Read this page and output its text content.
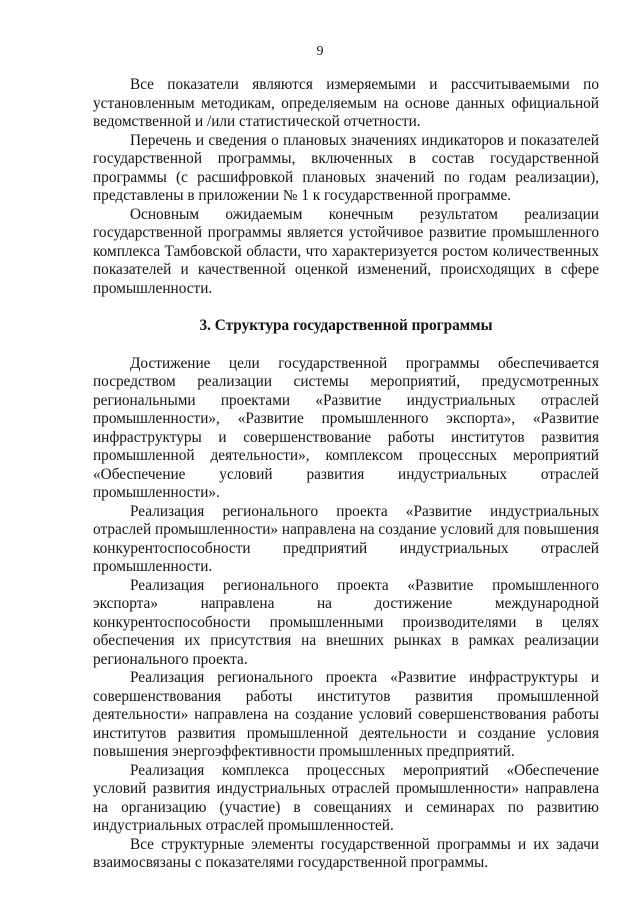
9

Все показатели являются измеряемыми и рассчитываемыми по установленным методикам, определяемым на основе данных официальной ведомственной и /или статистической отчетности.

Перечень и сведения о плановых значениях индикаторов и показателей государственной программы, включенных в состав государственной программы (с расшифровкой плановых значений по годам реализации), представлены в приложении № 1 к государственной программе.

Основным ожидаемым конечным результатом реализации государственной программы является устойчивое развитие промышленного комплекса Тамбовской области, что характеризуется ростом количественных показателей и качественной оценкой изменений, происходящих в сфере промышленности.

3. Структура государственной программы

Достижение цели государственной программы обеспечивается посредством реализации системы мероприятий, предусмотренных региональными проектами «Развитие индустриальных отраслей промышленности», «Развитие промышленного экспорта», «Развитие инфраструктуры и совершенствование работы институтов развития промышленной деятельности», комплексом процессных мероприятий «Обеспечение условий развития индустриальных отраслей промышленности».

Реализация регионального проекта «Развитие индустриальных отраслей промышленности» направлена на создание условий для повышения конкурентоспособности предприятий индустриальных отраслей промышленности.

Реализация регионального проекта «Развитие промышленного экспорта» направлена на достижение международной конкурентоспособности промышленными производителями в целях обеспечения их присутствия на внешних рынках в рамках реализации регионального проекта.

Реализация регионального проекта «Развитие инфраструктуры и совершенствования работы институтов развития промышленной деятельности» направлена на создание условий совершенствования работы институтов развития промышленной деятельности и создание условия повышения энергоэффективности промышленных предприятий.

Реализация комплекса процессных мероприятий «Обеспечение условий развития индустриальных отраслей промышленности» направлена на организацию (участие) в совещаниях и семинарах по развитию индустриальных отраслей промышленностей.

Все структурные элементы государственной программы и их задачи взаимосвязаны с показателями государственной программы.
